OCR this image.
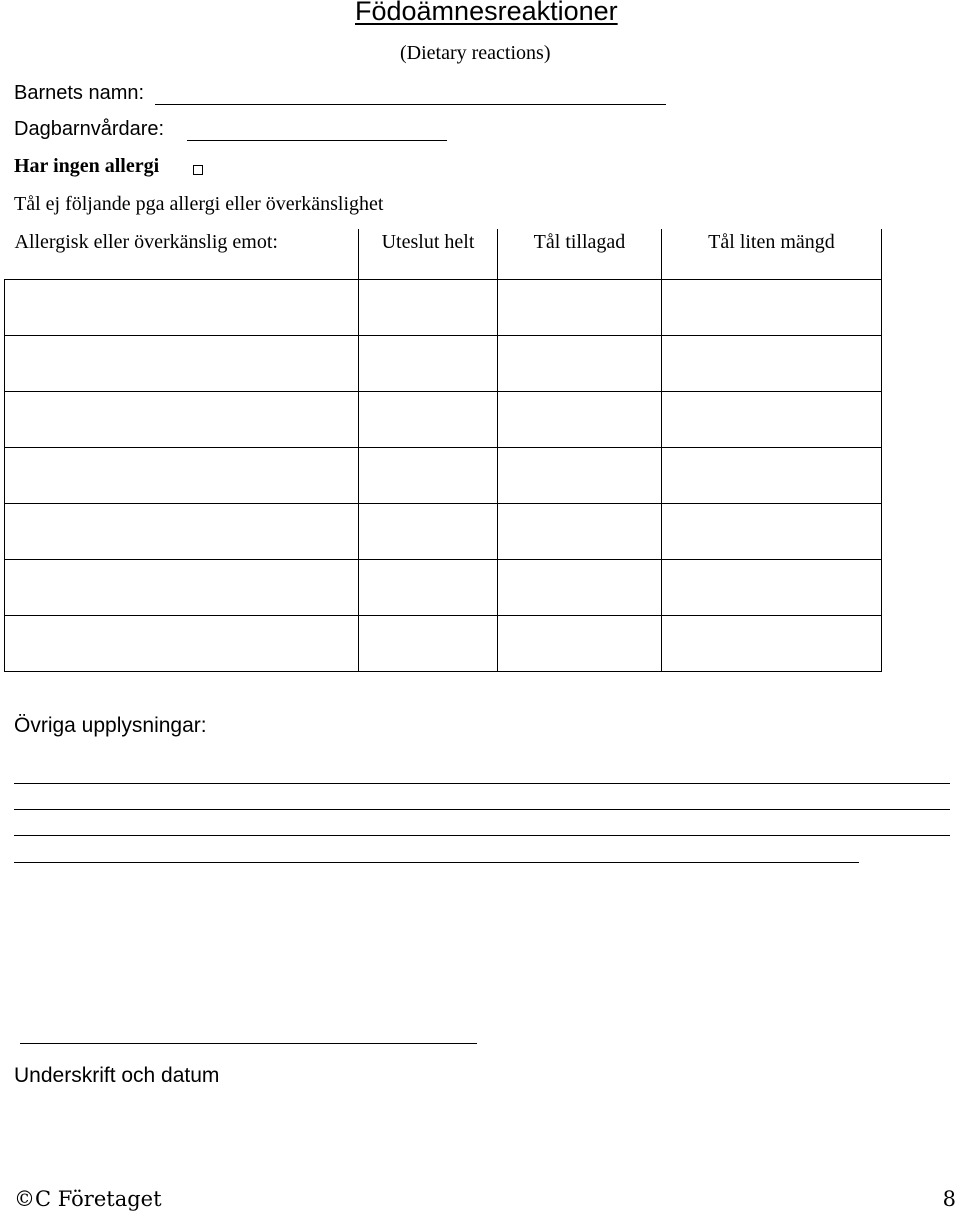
Födoämnesreaktioner
(Dietary reactions)
Barnets namn:
Dagbarnvårdare:
Har ingen allergi
Tål ej följande pga allergi eller överkänslighet
Allergisk eller överkänslig emot:	Uteslut helt	Tål tillagad	Tål liten mängd

Övriga upplysningar:
Underskrift och datum
©C Företaget	8
